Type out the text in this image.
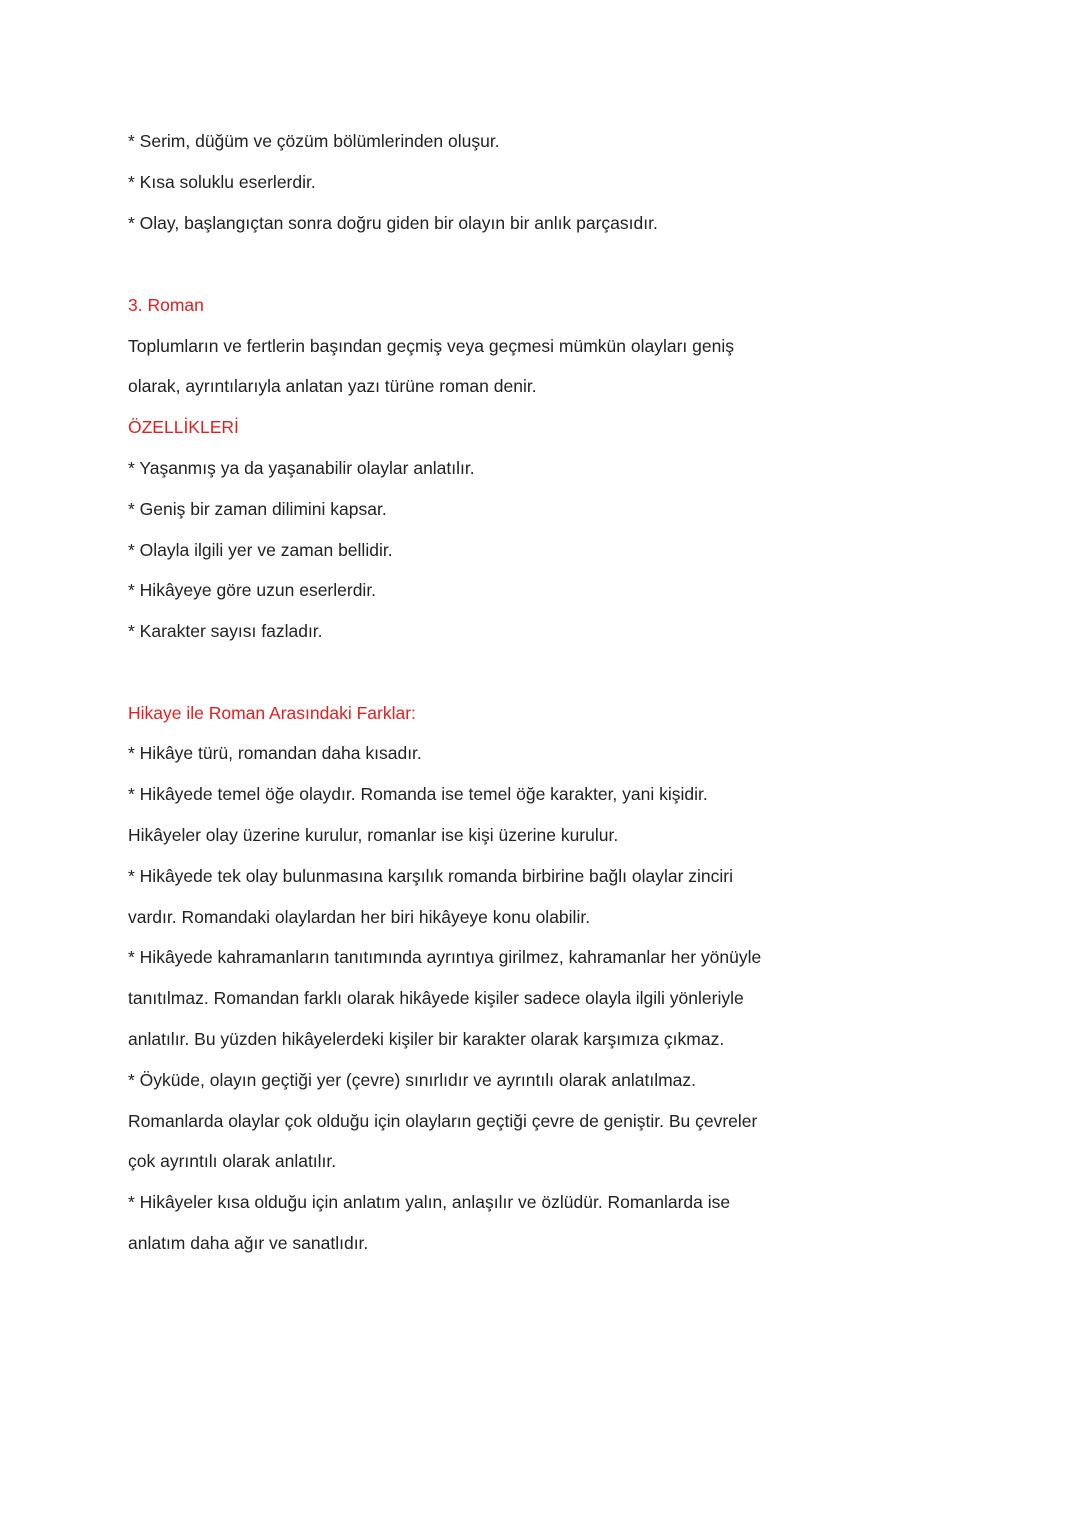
* Serim, düğüm ve çözüm bölümlerinden oluşur.
* Kısa soluklu eserlerdir.
* Olay, başlangıçtan sonra doğru giden bir olayın bir anlık parçasıdır.
3. Roman
Toplumların ve fertlerin başından geçmiş veya geçmesi mümkün olayları geniş
olarak, ayrıntılarıyla anlatan yazı türüne roman denir.
ÖZELLİKLERİ
* Yaşanmış ya da yaşanabilir olaylar anlatılır.
* Geniş bir zaman dilimini kapsar.
* Olayla ilgili yer ve zaman bellidir.
* Hikâyeye göre uzun eserlerdir.
* Karakter sayısı fazladır.
Hikaye ile Roman Arasındaki Farklar:
* Hikâye türü, romandan daha kısadır.
* Hikâyede temel öğe olaydır. Romanda ise temel öğe karakter, yani kişidir.
Hikâyeler olay üzerine kurulur, romanlar ise kişi üzerine kurulur.
* Hikâyede tek olay bulunmasına karşılık romanda birbirine bağlı olaylar zinciri
vardır. Romandaki olaylardan her biri hikâyeye konu olabilir.
* Hikâyede kahramanların tanıtımında ayrıntıya girilmez, kahramanlar her yönüyle
tanıtılmaz. Romandan farklı olarak hikâyede kişiler sadece olayla ilgili yönleriyle
anlatılır. Bu yüzden hikâyelerdeki kişiler bir karakter olarak karşımıza çıkmaz.
* Öyküde, olayın geçtiği yer (çevre) sınırlıdır ve ayrıntılı olarak anlatılmaz.
Romanlarda olaylar çok olduğu için olayların geçtiği çevre de geniştir. Bu çevreler
çok ayrıntılı olarak anlatılır.
* Hikâyeler kısa olduğu için anlatım yalın, anlaşılır ve özlüdür. Romanlarda ise
anlatım daha ağır ve sanatlıdır.
